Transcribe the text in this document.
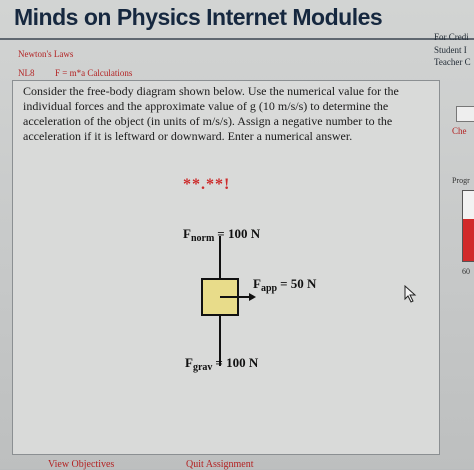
Minds on Physics Internet Modules
Newton's Laws
NL8 F = m*a Calculations
For Credi
Student I
Teacher C
Consider the free-body diagram shown below. Use the numerical value for the individual forces and the approximate value of g (10 m/s/s) to determine the acceleration of the object (in units of m/s/s). Assign a negative number to the acceleration if it is leftward or downward. Enter a numerical answer.
**.**!
$F_{norm} = 100$ N
$F_{app} = 50$ N
$F_{grav} = 100$ N
Che
Progr
60
View Objectives	Quit Assignment
